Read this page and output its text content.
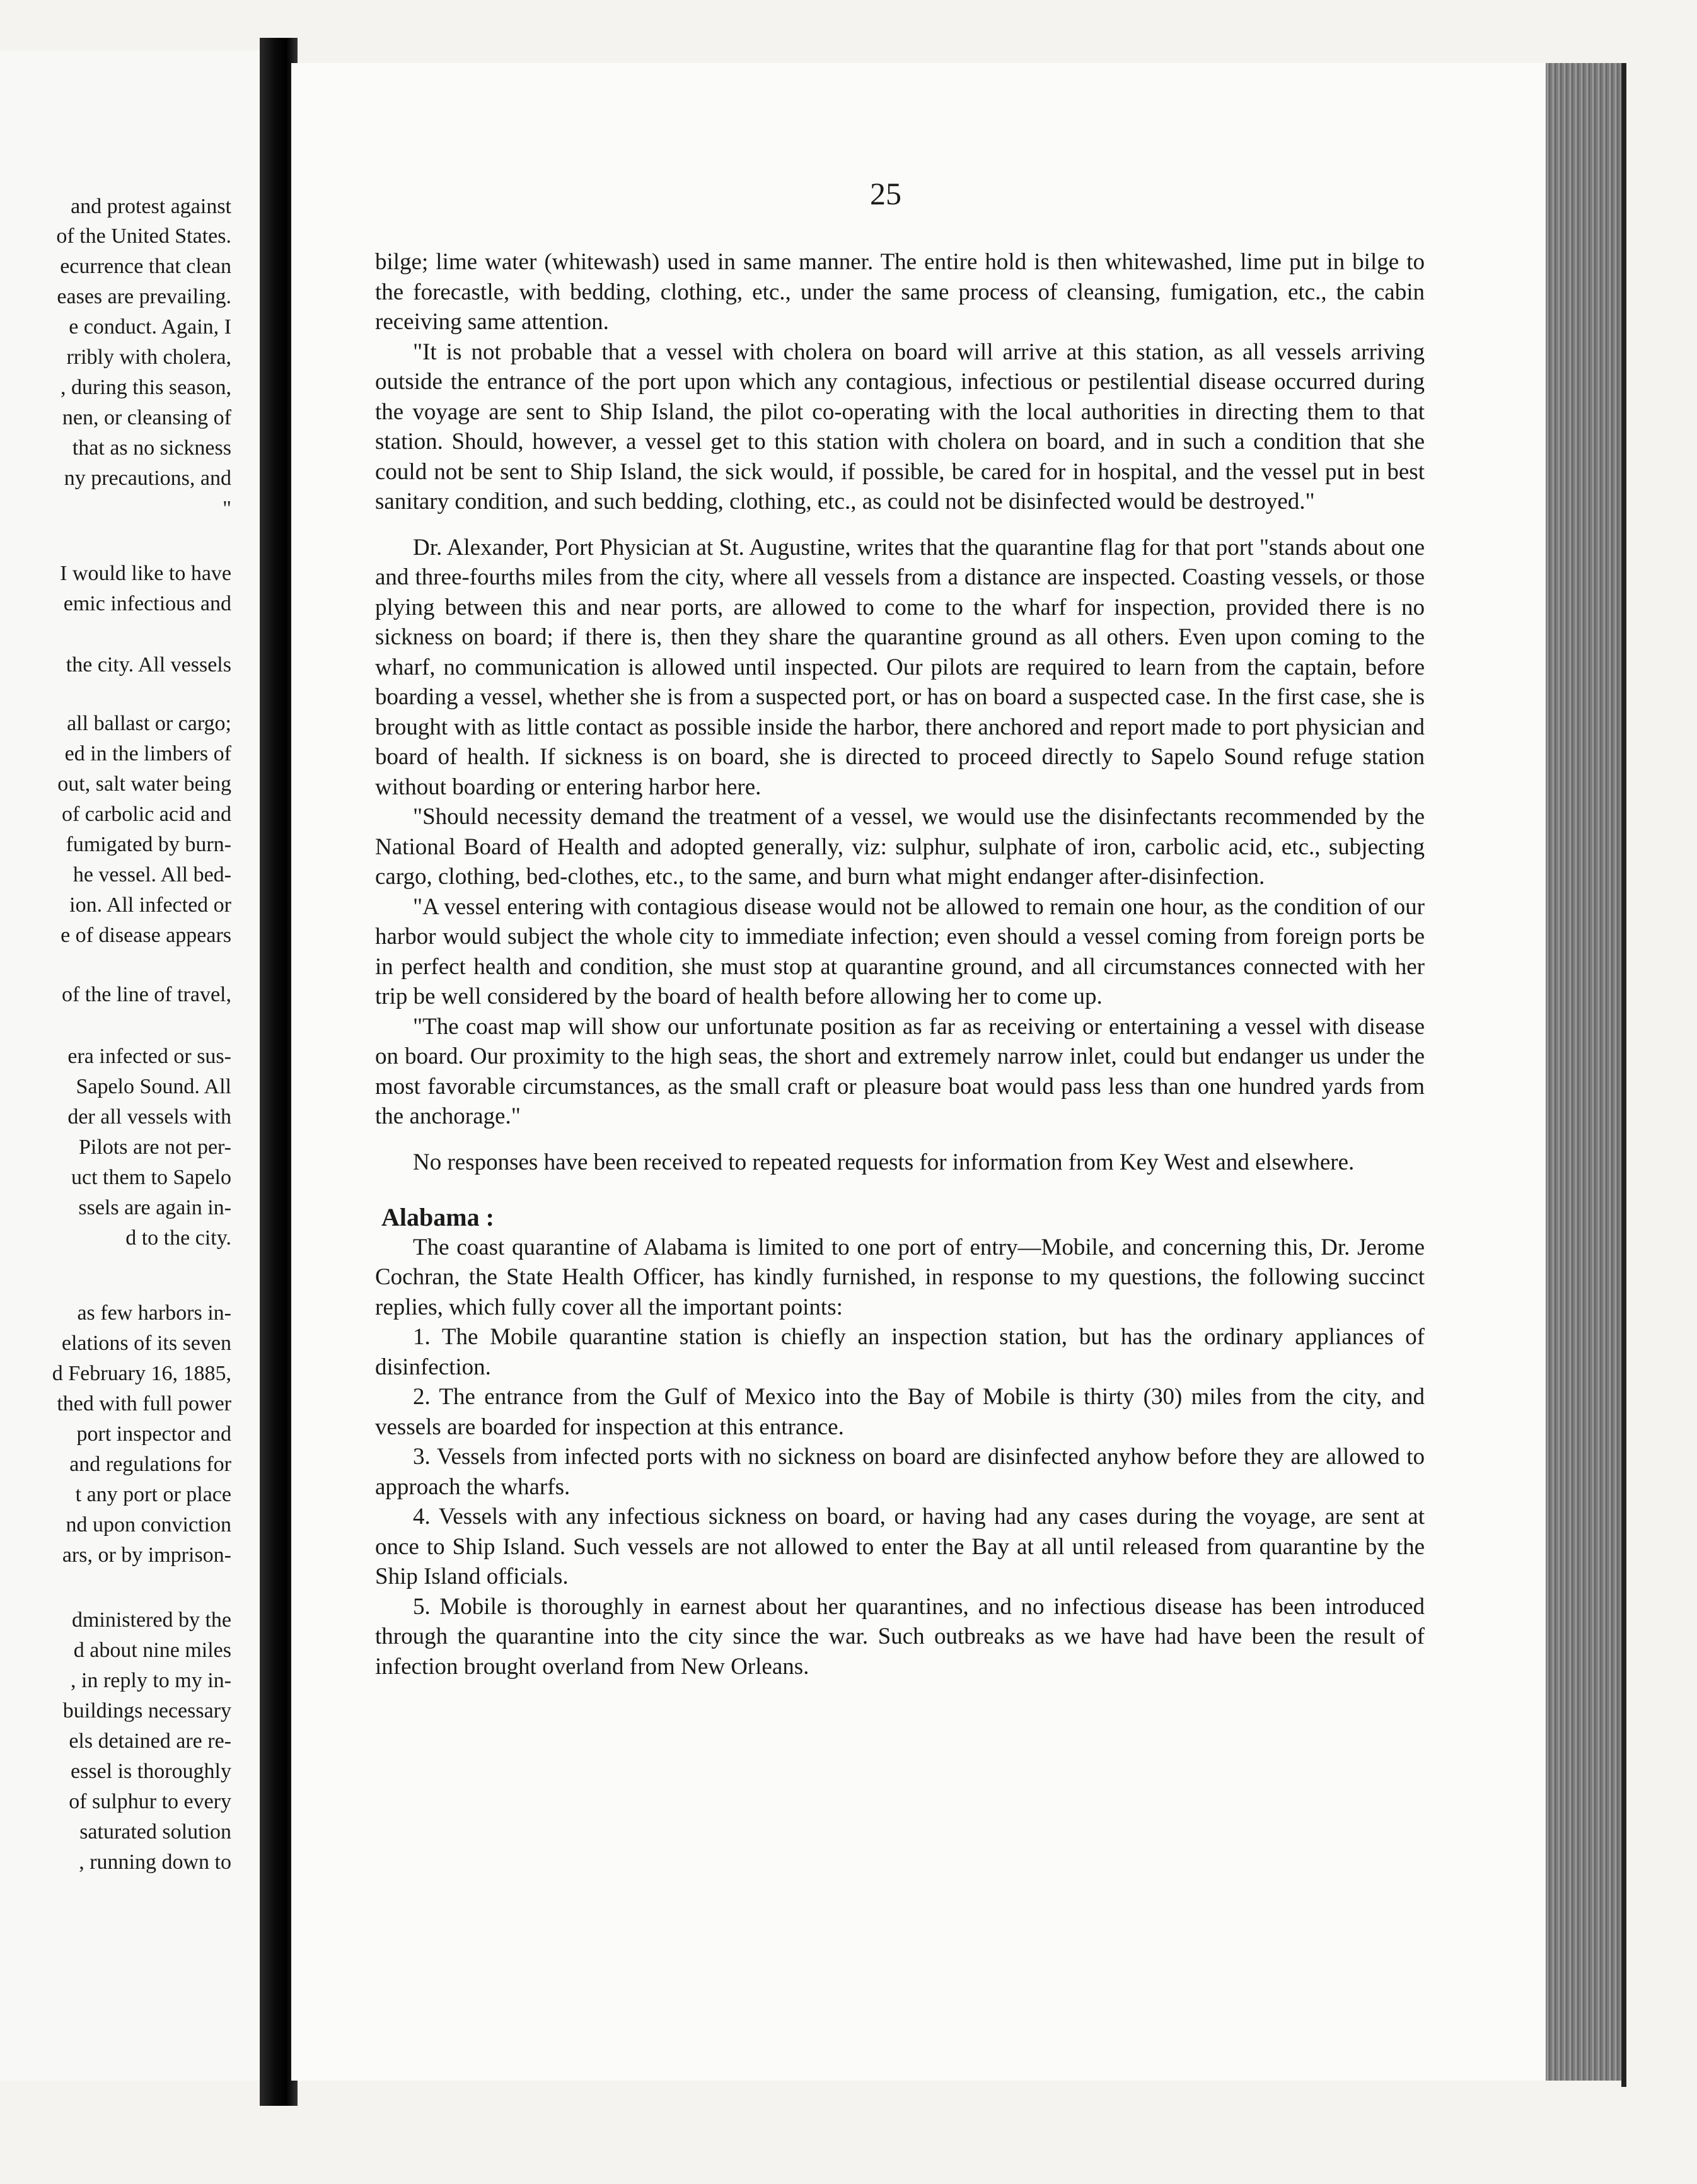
and protest against
of the United States.
ecurrence that clean
eases are prevailing.
e conduct. Again, I
rribly with cholera,
, during this season,
nen, or cleansing of
that as no sickness
ny precautions, and
"
I would like to have
emic infectious and
the city. All vessels
all ballast or cargo;
ed in the limbers of
out, salt water being
of carbolic acid and
fumigated by burn-
he vessel. All bed-
ion. All infected or
e of disease appears
of the line of travel,
era infected or sus-
Sapelo Sound. All
der all vessels with
Pilots are not per-
uct them to Sapelo
ssels are again in-
d to the city.
as few harbors in-
elations of its seven
d February 16, 1885,
thed with full power
port inspector and
and regulations for
t any port or place
nd upon conviction
ars, or by imprison-
dministered by the
d about nine miles
, in reply to my in-
buildings necessary
els detained are re-
essel is thoroughly
of sulphur to every
saturated solution
, running down to
25

bilge; lime water (whitewash) used in same manner. The entire hold is then whitewashed, lime put in bilge to the forecastle, with bedding, clothing, etc., under the same process of cleansing, fumigation, etc., the cabin receiving same attention.

"It is not probable that a vessel with cholera on board will arrive at this station, as all vessels arriving outside the entrance of the port upon which any contagious, infectious or pestilential disease occurred during the voyage are sent to Ship Island, the pilot co-operating with the local authorities in directing them to that station. Should, however, a vessel get to this station with cholera on board, and in such a condition that she could not be sent to Ship Island, the sick would, if possible, be cared for in hospital, and the vessel put in best sanitary condition, and such bedding, clothing, etc., as could not be disinfected would be destroyed."

Dr. Alexander, Port Physician at St. Augustine, writes that the quarantine flag for that port "stands about one and three-fourths miles from the city, where all vessels from a distance are inspected. Coasting vessels, or those plying between this and near ports, are allowed to come to the wharf for inspection, provided there is no sickness on board; if there is, then they share the quarantine ground as all others. Even upon coming to the wharf, no communication is allowed until inspected. Our pilots are required to learn from the captain, before boarding a vessel, whether she is from a suspected port, or has on board a suspected case. In the first case, she is brought with as little contact as possible inside the harbor, there anchored and report made to port physician and board of health. If sickness is on board, she is directed to proceed directly to Sapelo Sound refuge station without boarding or entering harbor here.

"Should necessity demand the treatment of a vessel, we would use the disinfectants recommended by the National Board of Health and adopted generally, viz: sulphur, sulphate of iron, carbolic acid, etc., subjecting cargo, clothing, bed-clothes, etc., to the same, and burn what might endanger after-disinfection.

"A vessel entering with contagious disease would not be allowed to remain one hour, as the condition of our harbor would subject the whole city to immediate infection; even should a vessel coming from foreign ports be in perfect health and condition, she must stop at quarantine ground, and all circumstances connected with her trip be well considered by the board of health before allowing her to come up.

"The coast map will show our unfortunate position as far as receiving or entertaining a vessel with disease on board. Our proximity to the high seas, the short and extremely narrow inlet, could but endanger us under the most favorable circumstances, as the small craft or pleasure boat would pass less than one hundred yards from the anchorage."

No responses have been received to repeated requests for information from Key West and elsewhere.

Alabama :

The coast quarantine of Alabama is limited to one port of entry—Mobile, and concerning this, Dr. Jerome Cochran, the State Health Officer, has kindly furnished, in response to my questions, the following succinct replies, which fully cover all the important points:

1. The Mobile quarantine station is chiefly an inspection station, but has the ordinary appliances of disinfection.

2. The entrance from the Gulf of Mexico into the Bay of Mobile is thirty (30) miles from the city, and vessels are boarded for inspection at this entrance.

3. Vessels from infected ports with no sickness on board are disinfected anyhow before they are allowed to approach the wharfs.

4. Vessels with any infectious sickness on board, or having had any cases during the voyage, are sent at once to Ship Island. Such vessels are not allowed to enter the Bay at all until released from quarantine by the Ship Island officials.

5. Mobile is thoroughly in earnest about her quarantines, and no infectious disease has been introduced through the quarantine into the city since the war. Such outbreaks as we have had have been the result of infection brought overland from New Orleans.
